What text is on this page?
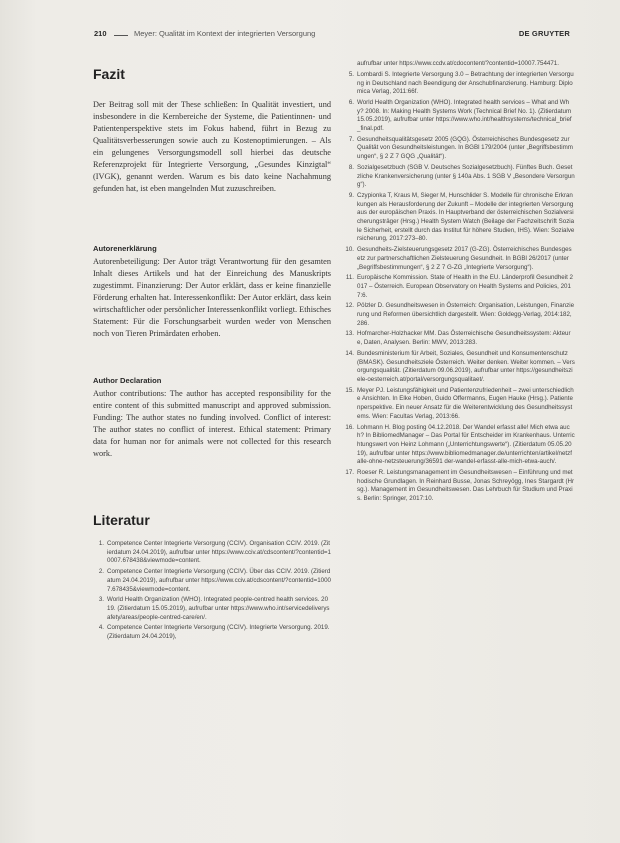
210	Meyer: Qualität im Kontext der integrierten Versorgung	DE GRUYTER
Fazit

Der Beitrag soll mit der These schließen: In Qualität investiert, und insbesondere in die Kernbereiche der Systeme, die Patientinnen- und Patientenperspektive stets im Fokus habend, führt in Bezug zu Qualitätsverbesserungen sowie auch zu Kostenoptimierungen. – Als ein gelungenes Versorgungsmodell soll hierbei das deutsche Referenzprojekt für Integrierte Versorgung, „Gesundes Kinzigtal“ (IVGK), genannt werden. Warum es bis dato keine Nachahmung gefunden hat, ist eben mangelnden Mut zuzuschreiben.

Autorenerklärung

Autorenbeteiligung: Der Autor trägt Verantwortung für den gesamten Inhalt dieses Artikels und hat der Einreichung des Manuskripts zugestimmt. Finanzierung: Der Autor erklärt, dass er keine finanzielle Förderung erhalten hat. Interessenkonflikt: Der Autor erklärt, dass kein wirtschaftlicher oder persönlicher Interessenkonflikt vorliegt. Ethisches Statement: Für die Forschungsarbeit wurden weder von Menschen noch von Tieren Primärdaten erhoben.

Author Declaration

Author contributions: The author has accepted responsibility for the entire content of this submitted manuscript and approved submission. Funding: The author states no funding involved. Conflict of interest: The author states no conflict of interest. Ethical statement: Primary data for human nor for animals were not collected for this research work.

Literatur
1. Competence Center Integrierte Versorgung (CCIV). Organisation CCIV. 2019. (Zitierdatum 24.04.2019), aufrufbar unter https://www.cciv.at/cdscontent/?contentid=10007.678438&viewmode=content.
2. Competence Center Integrierte Versorgung (CCIV). Über das CCIV. 2019. (Zitierdatum 24.04.2019), aufrufbar unter https://www.cciv.at/cdscontent/?contentid=10007.678435&viewmode=content.
3. World Health Organization (WHO). Integrated people-centred health services. 2019. (Zitierdatum 15.05.2019), aufrufbar unter https://www.who.int/servicedeliverysafety/areas/people-centred-care/en/.
4. Competence Center Integrierte Versorgung (CCIV). Integrierte Versorgung. 2019. (Zitierdatum 24.04.2019),
aufrufbar unter https://www.ccdv.at/cdocontent/?contentid=10007.754471.
5. Lombardi S. Integrierte Versorgung 3.0 – Betrachtung der integrierten Versorgung in Deutschland nach Beendigung der Anschubfinanzierung. Hamburg: Diplomica Verlag, 2011:66f.
6. World Health Organization (WHO). Integrated health services – What and Why? 2008. In: Making Health Systems Work (Technical Brief No. 1). (Zitierdatum 15.05.2019), aufrufbar unter https://www.who.int/healthsystems/technical_brief_final.pdf.
7. Gesundheitsqualitätsgesetz 2005 (GQG). Österreichisches Bundesgesetz zur Qualität von Gesundheitsleistungen. In BGBl 179/2004 (unter „Begriffsbestimmungen“, § 2 Z 7 GQG „Qualität“).
8. Sozialgesetzbuch (SGB V. Deutsches Sozialgesetzbuch). Fünftes Buch. Gesetzliche Krankenversicherung (unter § 140a Abs. 1 SGB V „Besondere Versorgung“).
9. Czypionka T, Kraus M, Sieger M, Hunschlider S. Modelle für chronische Erkrankungen als Herausforderung der Zukunft – Modelle der integrierten Versorgung aus der europäischen Praxis. In Hauptverband der österreichischen Sozialversicherungsträger (Hrsg.) Health System Watch (Beilage der Fachzeitschrift Soziale Sicherheit, erstellt durch das Institut für höhere Studien, IHS). Wien: Sozialversicherung, 2017:273–80.
10. Gesundheits-Zielsteuerungsgesetz 2017 (G-ZG). Österreichisches Bundesgesetz zur partnerschaftlichen Zielsteuerung Gesundheit. In BGBl 26/2017 (unter „Begriffsbestimmungen“, § 2 Z 7 G-ZG „Integrierte Versorgung“).
11. Europäische Kommission. State of Health in the EU. Länderprofil Gesundheit 2017 – Österreich. European Observatory on Health Systems and Policies, 2017:6.
12. Pölzler D. Gesundheitswesen in Österreich: Organisation, Leistungen, Finanzierung und Reformen übersichtlich dargestellt. Wien: Goldegg-Verlag, 2014:182, 286.
13. Hofmarcher-Holzhacker MM. Das Österreichische Gesundheitssystem: Akteure, Daten, Analysen. Berlin: MWV, 2013:283.
14. Bundesministerium für Arbeit, Soziales, Gesundheit und Konsumentenschutz (BMASK). Gesundheitsziele Österreich. Weiter denken. Weiter kommen. – Versorgungsqualität. (Zitierdatum 09.06.2019), aufrufbar unter https://gesundheitsziele-oesterreich.at/portal/versorgungsqualitaet/.
15. Meyer PJ. Leistungsfähigkeit und Patientenzufriedenheit – zwei unterschiedliche Ansichten. In Elke Hoben, Guido Offermanns, Eugen Hauke (Hrsg.). Patientenperspektive. Ein neuer Ansatz für die Weiterentwicklung des Gesundheitssystems. Wien: Facultas Verlag, 2013:66.
16. Lohmann H. Blog posting 04.12.2018. Der Wandel erfasst alle! Mich etwa auch? In BibliomedManager – Das Portal für Entscheider im Krankenhaus. Unterrichtungswert von Heinz Lohmann („Unterrichtungswerte“). (Zitierdatum 05.05.2019), aufrufbar unter https://www.bibliomedmanager.de/unterrichten/artikel/netzfalle-ohne-netzsteuerung/36591 der-wandel-erfasst-alle-mich-etwa-auch/.
17. Roeser R. Leistungsmanagement im Gesundheitswesen – Einführung und methodische Grundlagen. In Reinhard Busse, Jonas Schreyögg, Ines Stargardt (Hrsg.). Management im Gesundheitswesen. Das Lehrbuch für Studium und Praxis. Berlin: Springer, 2017:10.
